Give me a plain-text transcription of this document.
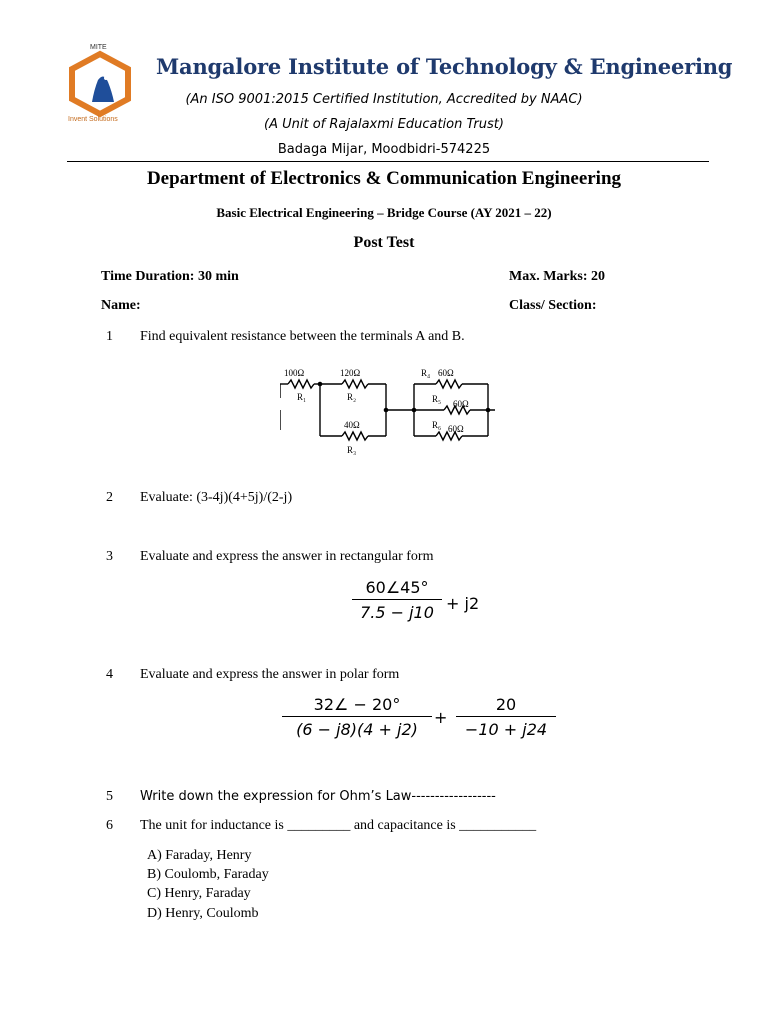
MITE
Invent Solutions
Mangalore Institute of Technology & Engineering
(An ISO 9001:2015 Certified Institution, Accredited by NAAC)
(A Unit of Rajalaxmi Education Trust)
Badaga Mijar, Moodbidri-574225
Department of Electronics & Communication Engineering
Basic Electrical Engineering – Bridge Course (AY 2021 – 22)
Post Test
Time Duration: 30 min	Max. Marks: 20
Name:	Class/ Section:
1 Find equivalent resistance between the terminals A and B.
100Ω
R₁
120Ω
R₂
40Ω
R₃
R₄ 60Ω
R₅ 60Ω
R₆ 60Ω
2 Evaluate: (3-4j)(4+5j)/(2-j)
3 Evaluate and express the answer in rectangular form
60∠45°
7.5 − j10 + j2
4 Evaluate and express the answer in polar form
32∠ − 20°
(6 − j8)(4 + j2)
+
20
−10 + j24
5 Write down the expression for Ohm’s Law------------------
6 The unit for inductance is _________ and capacitance is ___________
A) Faraday, Henry
B) Coulomb, Faraday
C) Henry, Faraday
D) Henry, Coulomb
